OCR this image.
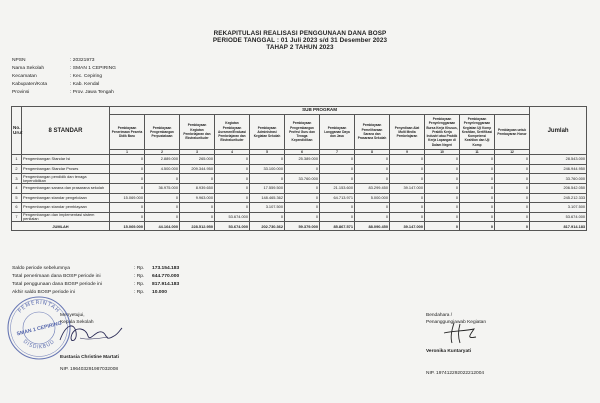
REKAPITULASI REALISASI PENGGUNAAN DANA BOSP
PERIODE TANGGAL : 01 Juli 2023 s/d 31 Desember 2023
TAHAP 2 TAHUN 2023
NPSN	: 20321973
Nama Sekolah	: SMAN 1 CEPIRING
Kecamatan	: Kec. Cepiring
Kabupaten/Kota	: Kab. Kendal
Provinsi	: Prov. Jawa Tengah
No. Urut	8 STANDAR	SUB PROGRAM												Jumlah
		Pembiayaan Penerimaan Peserta Didik Baru	Pembiayaan Pengembangan Perpustakaan	Pembiayaan Kegiatan Pembelajaran dan Ekstrakurikuler	Kegiatan Pembiayaan Asesmen/Evaluasi Pembelajaran dan Ekstrakurikuler	Pembiayaan Administrasi Kegiatan Sekolah	Pembiayaan Pengembangan Profesi Guru dan Tenaga Kependidikan	Pembiayaan Langganan Daya dan Jasa	Pembiayaan Pemeliharaan Sarana dan Prasarana Sekolah	Penyediaan Alat Multi Media Pembelajaran	Pembiayaan Penyelenggaraan Bursa Kerja Khusus, Praktik Kerja Industri atau Praktik Kerja Lapangan di Dalam Negeri	Pembiayaan Penyelenggaraan Kegiatan Uji Komp Keahlian, Sertifikasi Kompetensi Keahlian dan Uji Komp	Pembiayaan untuk Pembayaran Honor	
		1	2	3	4	5	6	7	8	9	10	11	12	
1	Pengembangan Standar Isi	0	2.889.000	265.000	0	0	25.389.000	0	0	0	0	0	0	28.543.000
2	Pengembangan Standar Proses	0	4.500.000	209.344.950	0	33.100.000	0	0	0	0	0	0	0	246.944.950
3	Pengembangan pendidik dan tenaga kependidikan	0	0	0	0	0	33.760.000	0	0	0	0	0	0	33.760.000
4	Pengembangan sarana dan prasarana sekolah	0	36.975.000	8.939.650	0	17.559.500	0	21.153.600	83.299.450	39.147.000	0	0	0	206.542.050
5	Pengembangan standar pengelolaan	15.069.000	0	9.963.000	0	148.465.362	0	64.713.971	5.000.000	0	0	0	0	245.212.333
6	Pengembangan standar pembiayaan	0	0	0	0	3.107.500	0	0	0	0	0	0	0	3.107.500
7	Pengembangan dan implementasi sistem penilaian	0	0	0	53.674.000	0	0	0	0	0	0	0	0	53.674.000
JUMLAH		15.069.000	44.164.000	228.512.950	53.674.000	202.730.362	59.379.000	85.867.571	88.090.450	39.147.000	0	0	0	817.914.183
Saldo periode sebelumnya	: Rp.	173.154.183
Total penerimaan dana BOSP periode ini	: Rp.	644.770.000
Total penggunaan dana BOSP periode ini	: Rp.	817.914.183
Akhir saldo BOSP periode ini	: Rp.	10.000
Menyetujui,
Kepala Sekolah
Eustasia Christine Martati
NIP. 196403291987032008
PEMERINTAH
DISDIKBUD
SMAN 1 CEPIRING
Bendahara /
Penanggungjawab Kegiatan
Veronika Kuntaryati
NIP. 197412292022212004
